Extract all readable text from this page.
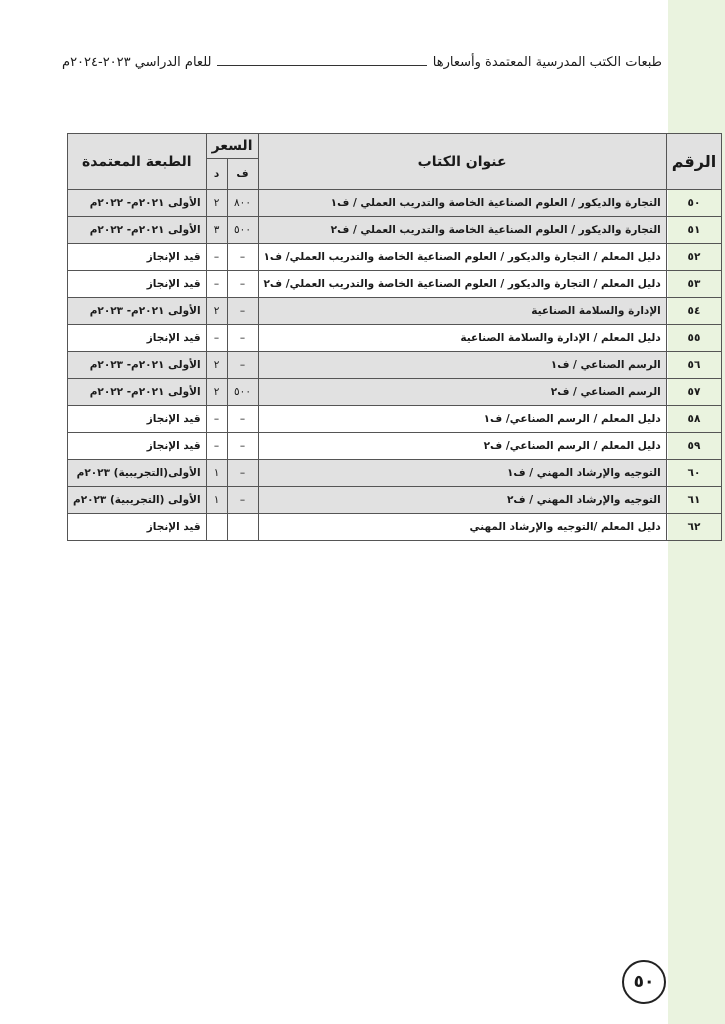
طبعات الكتب المدرسية المعتمدة وأسعارها
للعام الدراسي ٢٠٢٣-٢٠٢٤م
الرقم	عنوان الكتاب	السعر		الطبعة المعتمدة
		ف	د	
٥٠	التجارة والديكور / العلوم الصناعية الخاصة والتدريب العملي / ف١	٨٠٠	٢	الأولى ٢٠٢١م- ٢٠٢٢م
٥١	التجارة والديكور / العلوم الصناعية الخاصة والتدريب العملي / ف٢	٥٠٠	٣	الأولى ٢٠٢١م- ٢٠٢٢م
٥٢	دليل المعلم / التجارة والديكور / العلوم الصناعية الخاصة والتدريب العملي/ ف١	–	–	قيد الإنجاز
٥٣	دليل المعلم / التجارة والديكور / العلوم الصناعية الخاصة والتدريب العملي/ ف٢	–	–	قيد الإنجاز
٥٤	الإدارة والسلامة الصناعية	–	٢	الأولى ٢٠٢١م- ٢٠٢٣م
٥٥	دليل المعلم / الإدارة والسلامة الصناعية	–	–	قيد الإنجاز
٥٦	الرسم الصناعي / ف١	–	٢	الأولى ٢٠٢١م- ٢٠٢٣م
٥٧	الرسم الصناعي / ف٢	٥٠٠	٢	الأولى ٢٠٢١م- ٢٠٢٢م
٥٨	دليل المعلم / الرسم الصناعي/ ف١	–	–	قيد الإنجاز
٥٩	دليل المعلم / الرسم الصناعي/ ف٢	–	–	قيد الإنجاز
٦٠	التوجيه والإرشاد المهني / ف١	–	١	الأولى(التجريبية) ٢٠٢٣م
٦١	التوجيه والإرشاد المهني / ف٢	–	١	الأولى (التجريبية) ٢٠٢٣م
٦٢	دليل المعلم /التوجيه والإرشاد المهني			قيد الإنجاز
٥٠
